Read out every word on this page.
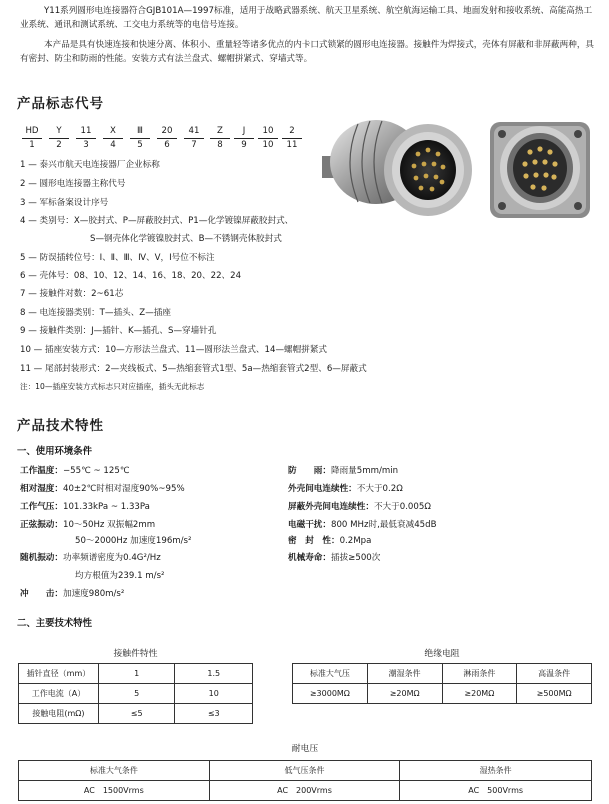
Y11系列圆形电连接器符合GJB101A—1997标准，适用于战略武器系统、航天卫星系统、航空航海运输工具、地面发射和接收系统、高能高热工业系统、通讯和测试系统、工交电力系统等的电信号连接。
本产品是具有快速连接和快速分离、体积小、重量轻等诸多优点的内卡口式锁紧的圆形电连接器。接触件为焊接式，壳体有屏蔽和非屏蔽两种，具有密封、防尘和防雨的性能。安装方式有法兰盘式、螺帽拼紧式、穿墙式等。
产品标志代号
HD	Y	11	X	Ⅲ	20	41	Z	J	10	2
1	2	3	4	5	6	7	8	9	10	11
1 — 泰兴市航天电连接器厂企业标称
2 — 圆形电连接器主称代号
3 — 军标备案设计序号
4 — 类别号：X—胶封式、P—屏蔽胶封式、P1—化学镀镍屏蔽胶封式、
S—钢壳体化学镀镍胶封式、B—不锈钢壳体胶封式
5 — 防误插转位号：Ⅰ、Ⅱ、Ⅲ、Ⅳ、Ⅴ，Ⅰ号位不标注
6 — 壳体号：08、10、12、14、16、18、20、22、24
7 — 接触件对数：2~61芯
8 — 电连接器类别：T—插头、Z—插座
9 — 接触件类别：J—插针、K—插孔、S—穿墙针孔
10 — 插座安装方式：10—方形法兰盘式、11—圆形法兰盘式、14—螺帽拼紧式
11 — 尾部封装形式：2—夹线板式、5—热缩套管式1型、5a—热缩套管式2型、6—屏蔽式
注：10—插座安装方式标志只对应插座，插头无此标志
产品技术特性
一、使用环境条件
工作温度：−55℃ ~ 125℃
相对湿度：40±2℃时相对湿度90%~95%
工作气压：101.33kPa ~ 1.33Pa
正弦振动：10～50Hz 双振幅2mm
50～2000Hz 加速度196m/s²
随机振动：功率频谱密度为0.4G²/Hz
均方根值为239.1 m/s²
冲　　击：加速度980m/s²
防　　雨：降雨量5mm/min
外壳间电连续性：不大于0.2Ω
屏蔽外壳间电连续性：不大于0.005Ω
电磁干扰：800 MHz时,最低衰减45dB
密　封　性：0.2Mpa
机械寿命：插拔≥500次
二、主要技术特性
接触件特性
插针直径（mm）	1	1.5
工作电流（A）	5	10
接触电阻(mΩ)	≤5	≤3
绝缘电阻
标准大气压	潮湿条件	淋雨条件	高温条件
≥3000MΩ	≥20MΩ	≥20MΩ	≥500MΩ
耐电压
标准大气条件	低气压条件	湿热条件
AC　1500Vrms	AC　200Vrms	AC　500Vrms
